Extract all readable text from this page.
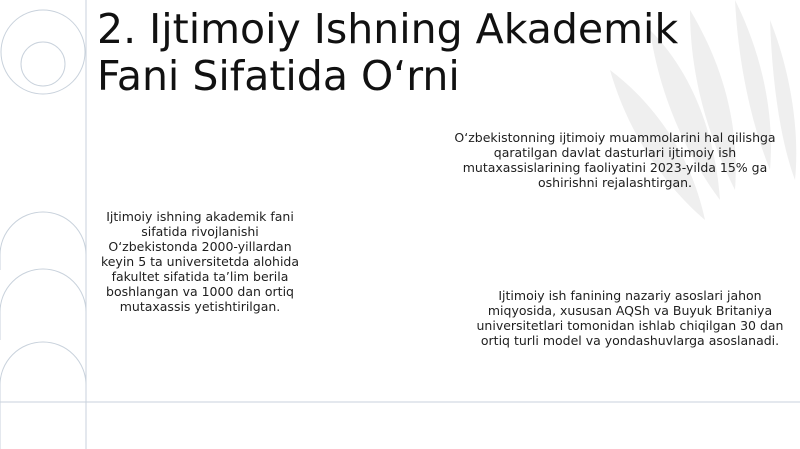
2. Ijtimoiy Ishning Akademik Fani Sifatida O‘rni

Ijtimoiy ishning akademik fani sifatida rivojlanishi O‘zbekistonda 2000-yillardan keyin 5 ta universitetda alohida fakultet sifatida ta’lim berila boshlangan va 1000 dan ortiq mutaxassis yetishtirilgan.

O‘zbekistonning ijtimoiy muammolarini hal qilishga qaratilgan davlat dasturlari ijtimoiy ish mutaxassislarining faoliyatini 2023-yilda 15% ga oshirishni rejalashtirgan.

Ijtimoiy ish fanining nazariy asoslari jahon miqyosida, xususan AQSh va Buyuk Britaniya universitetlari tomonidan ishlab chiqilgan 30 dan ortiq turli model va yondashuvlarga asoslanadi.
